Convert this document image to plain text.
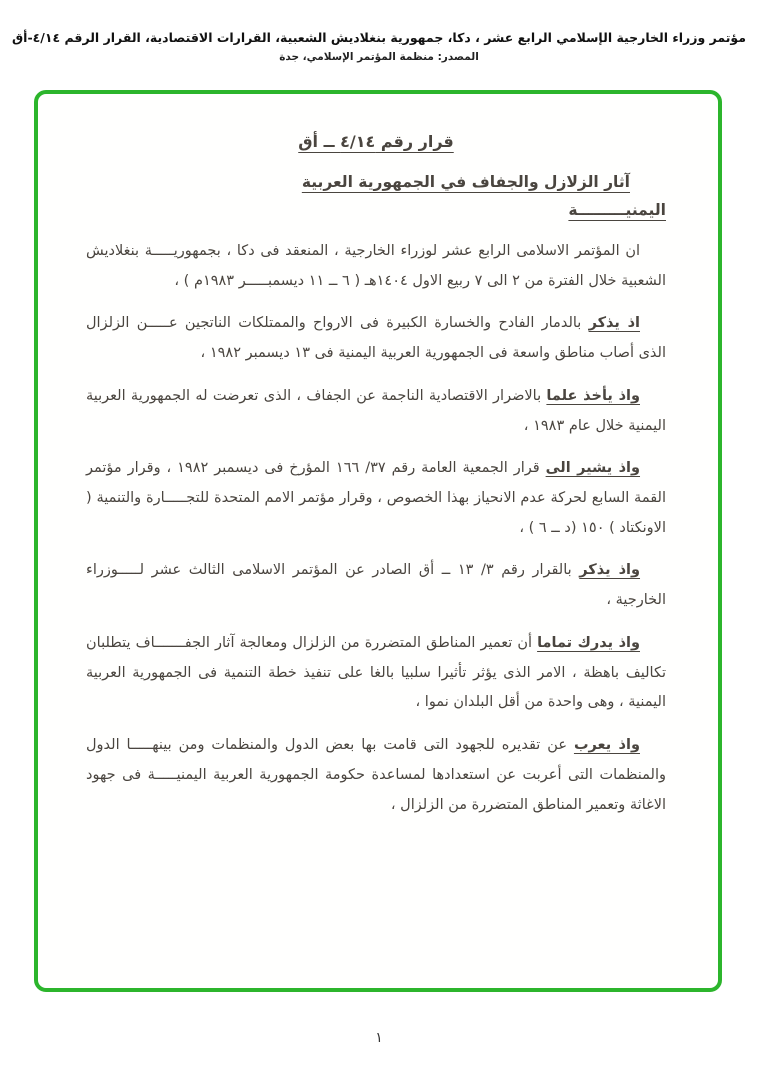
مؤتمر وزراء الخارجية الإسلامي الرابع عشر ، دكا، جمهورية بنغلاديش الشعبية، القرارات الاقتصادية، القرار الرقم ٤/١٤-أق
المصدر: منظمة المؤتمر الإسلامي، جدة
قرار رقم ٤/١٤ ــ أق
آثار الزلازل والجفاف في الجمهورية العربية
اليمنيـــــــــة

ان المؤتمر الاسلامى الرابع عشر لوزراء الخارجية ، المنعقد فى دكا ، بجمهوريـــــة بنغلاديش الشعبية خلال الفترة من ٢ الى ٧ ربيع الاول ١٤٠٤هـ ( ٦ ــ ١١ ديسمبـــــر ١٩٨٣م ) ،

اذ يذكر بالدمار الفادح والخسارة الكبيرة فى الارواح والممتلكات الناتجين عـــــن الزلزال الذى أصاب مناطق واسعة فى الجمهورية العربية اليمنية فى ١٣ ديسمبر ١٩٨٢ ،

واذ يأخذ علما بالاضرار الاقتصادية الناجمة عن الجفاف ، الذى تعرضت له الجمهورية العربية اليمنية خلال عام ١٩٨٣ ،

واذ يشير الى قرار الجمعية العامة رقم ٣٧/ ١٦٦ المؤرخ فى ديسمبر ١٩٨٢ ، وقرار مؤتمر القمة السابع لحركة عدم الانحياز بهذا الخصوص ، وقرار مؤتمر الامم المتحدة للتجـــــارة والتنمية ( الاونكتاد ) ١٥٠ (د ــ ٦ ) ،

واذ يذكر بالقرار رقم ٣/ ١٣ ــ أق الصادر عن المؤتمر الاسلامى الثالث عشر لـــــوزراء الخارجية ،

واذ يدرك تماما أن تعمير المناطق المتضررة من الزلزال ومعالجة آثار الجفـــــــاف يتطلبان تكاليف باهظة ، الامر الذى يؤثر تأثيرا سلبيا بالغا على تنفيذ خطة التنمية فى الجمهورية العربية اليمنية ، وهى واحدة من أقل البلدان نموا ،

واذ يعرب عن تقديره للجهود التى قامت بها بعض الدول والمنظمات ومن بينهـــــا الدول والمنظمات التى أعربت عن استعدادها لمساعدة حكومة الجمهورية العربية اليمنيـــــة فى جهود الاغاثة وتعمير المناطق المتضررة من الزلزال ،

١
